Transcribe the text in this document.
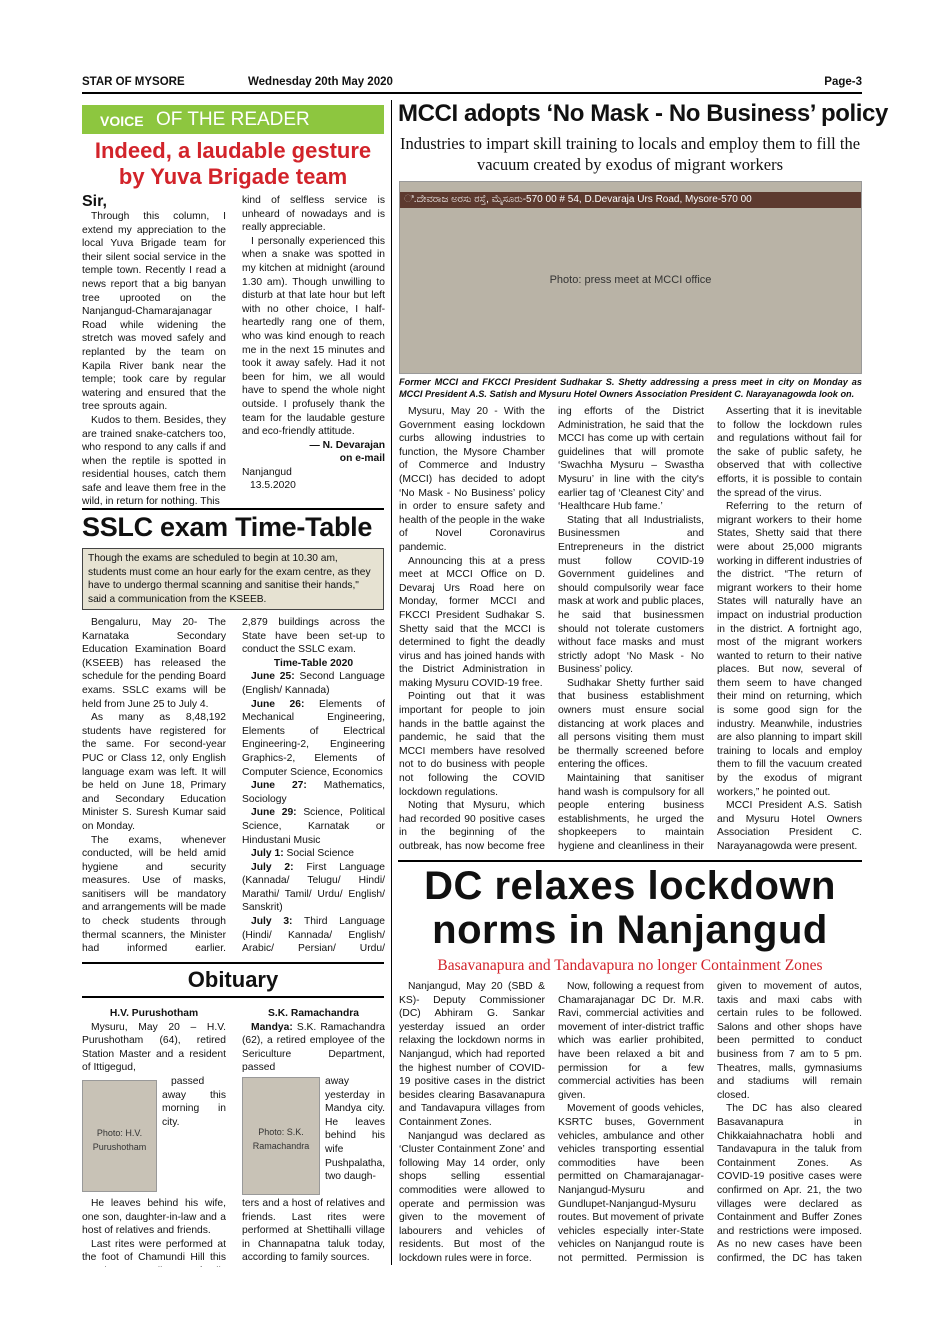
STAR OF MYSORE	Wednesday 20th May 2020	Page-3
VOICE OF THE READER
Indeed, a laudable gesture
by Yuva Brigade team
Sir,

Through this column, I extend my appreciation to the local Yuva Brigade team for their silent social service in the temple town. Recently I read a news report that a big banyan tree uprooted on the Nanjangud-Chamarajanagar Road while widening the stretch was moved safely and replanted by the team on Kapila River bank near the temple; took care by regular watering and ensured that the tree sprouts again.

Kudos to them. Besides, they are trained snake-catchers too, who respond to any calls if and when the reptile is spotted in residential houses, catch them safe and leave them free in the wild, in return for nothing. This

kind of selfless service is unheard of nowadays and is really appreciable.

I personally experienced this when a snake was spotted in my kitchen at midnight (around 1.30 am). Though unwilling to disturb at that late hour but left with no other choice, I half-heartedly rang one of them, who was kind enough to reach me in the next 15 minutes and took it away safely. Had it not been for him, we all would have to spend the whole night outside. I profusely thank the team for the laudable gesture and eco-friendly attitude.

— N. Devarajan
on e-mail
Nanjangud
13.5.2020
SSLC exam Time-Table
Though the exams are scheduled to begin at 10.30 am, students must come an hour early for the exam centre, as they have to undergo thermal scanning and sanitise their hands," said a communication from the KSEEB.

Bengaluru, May 20- The Karnataka Secondary Education Examination Board (KSEEB) has released the schedule for the pending Board exams. SSLC exams will be held from June 25 to July 4.

As many as 8,48,192 students have registered for the same. For second-year PUC or Class 12, only English language exam was left. It will be held on June 18, Primary and Secondary Education Minister S. Suresh Kumar said on Monday.

The exams, whenever conducted, will be held amid hygiene and security measures. Use of masks, sanitisers will be mandatory and arrangements will be made to check students through thermal scanners, the Minister had informed earlier.

2,879 buildings across the State have been set-up to conduct the SSLC exam.

Time-Table 2020

June 25: Second Language (English/ Kannada)

June 26: Elements of Mechanical Engineering, Elements of Electrical Engineering-2, Engineering Graphics-2, Elements of Computer Science, Economics

June 27: Mathematics, Sociology

June 29: Science, Political Science, Karnatak or Hindustani Music

July 1: Social Science

July 2: First Language (Kannada/ Telugu/ Hindi/ Marathi/ Tamil/ Urdu/ English/ Sanskrit)

July 3: Third Language (Hindi/ Kannada/ English/ Arabic/ Persian/ Urdu/

Obituary
H.V. Purushotham

Mysuru, May 20 – H.V. Purushotham (64), retired Station Master and a resident of Ittigegud,

Photo: H.V. Purushotham

passed away this morning in city.

He leaves behind his wife, one son, daughter-in-law and a host of relatives and friends.

Last rites were performed at the foot of Chamundi Hill this

S.K. Ramachandra

Mandya: S.K. Ramachandra (62), a retired employee of the Sericulture Department, passed

Photo: S.K. Ramachandra

away yesterday in Mandya city. He leaves behind his wife Pushpalatha, two daugh-

ters and a host of relatives and friends. Last rites were performed at Shettihalli village in Channapatna taluk today, according to family sources.

MCCI adopts ‘No Mask - No Business’ policy
Industries to impart skill training to locals and employ them to fill the vacuum created by exodus of migrant workers
ಿ.ದೇವರಾಜ ಅರಸು ರಸ್ತೆ, ಮೈಸೂರು-570 00 # 54, D.Devaraja Urs Road, Mysore-570 00
Photo: press meet at MCCI office
Former MCCI and FKCCI President Sudhakar S. Shetty addressing a press meet in city on Monday as MCCI President A.S. Satish and Mysuru Hotel Owners Association President C. Narayanagowda look on.

Mysuru, May 20 - With the Government easing lockdown curbs allowing industries to function, the Mysore Chamber of Commerce and Industry (MCCI) has decided to adopt ‘No Mask - No Business’ policy in order to ensure safety and health of the people in the wake of Novel Coronavirus pandemic.

Announcing this at a press meet at MCCI Office on D. Devaraj Urs Road here on Monday, former MCCI and FKCCI President Sudhakar S. Shetty said that the MCCI is determined to fight the deadly virus and has joined hands with the District Administration in making Mysuru COVID-19 free.

Pointing out that it was important for people to join hands in the battle against the pandemic, he said that the MCCI members have resolved not to do business with people not following the COVID lockdown regulations.

Noting that Mysuru, which had recorded 90 positive cases in the beginning of the outbreak, has now become free

ing efforts of the District Administration, he said that the MCCI has come up with certain guidelines that will promote ‘Swachha Mysuru – Swastha Mysuru’ in line with the city's earlier tag of ‘Cleanest City’ and ‘Healthcare Hub fame.’

Stating that all Industrialists, Businessmen and Entrepreneurs in the district must follow COVID-19 Government guidelines and should compulsorily wear face mask at work and public places, he said that businessmen should not tolerate customers without face masks and must strictly adopt ‘No Mask - No Business’ policy.

Sudhakar Shetty further said that business establishment owners must ensure social distancing at work places and all persons visiting them must be thermally screened before entering the offices.

Maintaining that sanitiser hand wash is compulsory for all people entering business establishments, he urged the shopkeepers to maintain hygiene and cleanliness in their

Asserting that it is inevitable to follow the lockdown rules and regulations without fail for the sake of public safety, he observed that with collective efforts, it is possible to contain the spread of the virus.

Referring to the return of migrant workers to their home States, Shetty said that there were about 25,000 migrants working in different industries of the district. “The return of migrant workers to their home States will naturally have an impact on industrial production in the district. A fortnight ago, most of the migrant workers wanted to return to their native places. But now, several of them seem to have changed their mind on returning, which is some good sign for the industry. Meanwhile, industries are also planning to impart skill training to locals and employ them to fill the vacuum created by the exodus of migrant workers,” he pointed out.

MCCI President A.S. Satish and Mysuru Hotel Owners Association President C. Narayanagowda were present.

DC relaxes lockdown
norms in Nanjangud
Basavanapura and Tandavapura no longer Containment Zones

Nanjangud, May 20 (SBD & KS)- Deputy Commissioner (DC) Abhiram G. Sankar yesterday issued an order relaxing the lockdown norms in Nanjangud, which had reported the highest number of COVID-19 positive cases in the district besides clearing Basavanapura and Tandavapura villages from Containment Zones.

Nanjangud was declared as ‘Cluster Containment Zone’ and following May 14 order, only shops selling essential commodities were allowed to operate and permission was given to the movement of labourers and vehicles of residents. But most of the lockdown rules were in force.

Now, following a request from Chamarajanagar DC Dr. M.R. Ravi, commercial activities and movement of inter-district traffic which was earlier prohibited, have been relaxed a bit and permission for a few commercial activities has been given.

Movement of goods vehicles, KSRTC buses, Government vehicles, ambulance and other vehicles transporting essential commodities have been permitted on Chamarajanagar-Nanjangud-Mysuru and Gundlupet-Nanjangud-Mysuru routes. But movement of private vehicles especially inter-State vehicles on Nanjangud route is not permitted. Permission is

given to movement of autos, taxis and maxi cabs with certain rules to be followed. Salons and other shops have been permitted to conduct business from 7 am to 5 pm. Theatres, malls, gymnasiums and stadiums will remain closed.

The DC has also cleared Basavanapura in Chikkaiahnachatra hobli and Tandavapura in the taluk from Containment Zones. As COVID-19 positive cases were confirmed on Apr. 21, the two villages were declared as Containment and Buffer Zones and restrictions were imposed. As no new cases have been confirmed, the DC has taken
